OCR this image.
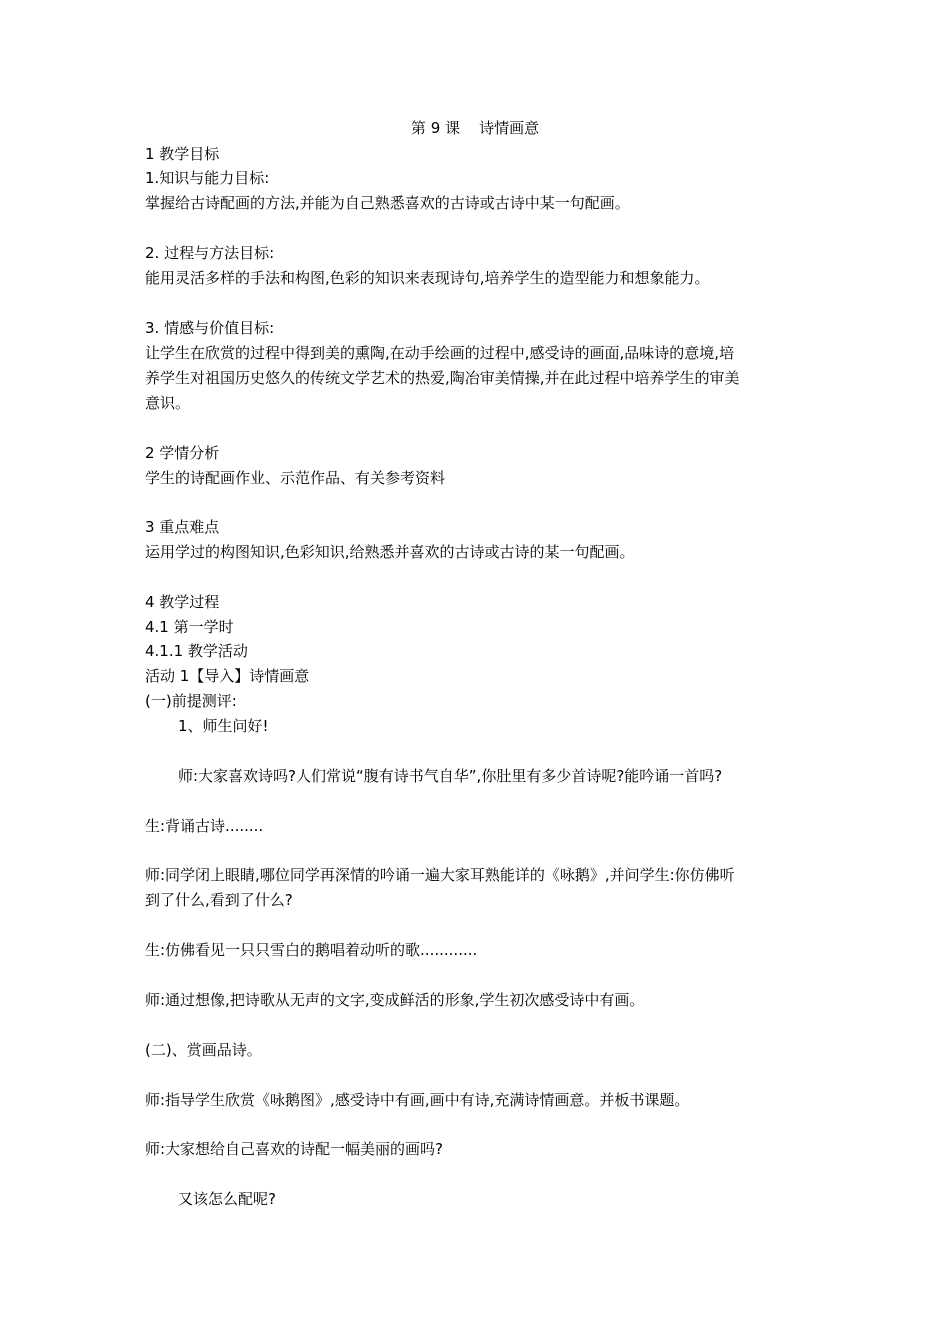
第 9 课    诗情画意
1 教学目标
1.知识与能力目标:
掌握给古诗配画的方法,并能为自己熟悉喜欢的古诗或古诗中某一句配画。
2. 过程与方法目标:
能用灵活多样的手法和构图,色彩的知识来表现诗句,培养学生的造型能力和想象能力。
3. 情感与价值目标:
让学生在欣赏的过程中得到美的熏陶,在动手绘画的过程中,感受诗的画面,品味诗的意境,培
养学生对祖国历史悠久的传统文学艺术的热爱,陶冶审美情操,并在此过程中培养学生的审美
意识。
2 学情分析
学生的诗配画作业、示范作品、有关参考资料
3 重点难点
运用学过的构图知识,色彩知识,给熟悉并喜欢的古诗或古诗的某一句配画。
4 教学过程
4.1 第一学时
4.1.1 教学活动
活动 1【导入】诗情画意
(一)前提测评:
1、师生问好!
师:大家喜欢诗吗?人们常说“腹有诗书气自华”,你肚里有多少首诗呢?能吟诵一首吗?
生:背诵古诗........
师:同学闭上眼睛,哪位同学再深情的吟诵一遍大家耳熟能详的《咏鹅》,并问学生:你仿佛听
到了什么,看到了什么?
生:仿佛看见一只只雪白的鹅唱着动听的歌............
师:通过想像,把诗歌从无声的文字,变成鲜活的形象,学生初次感受诗中有画。
(二)、赏画品诗。
师:指导学生欣赏《咏鹅图》,感受诗中有画,画中有诗,充满诗情画意。并板书课题。
师:大家想给自己喜欢的诗配一幅美丽的画吗?
又该怎么配呢?
